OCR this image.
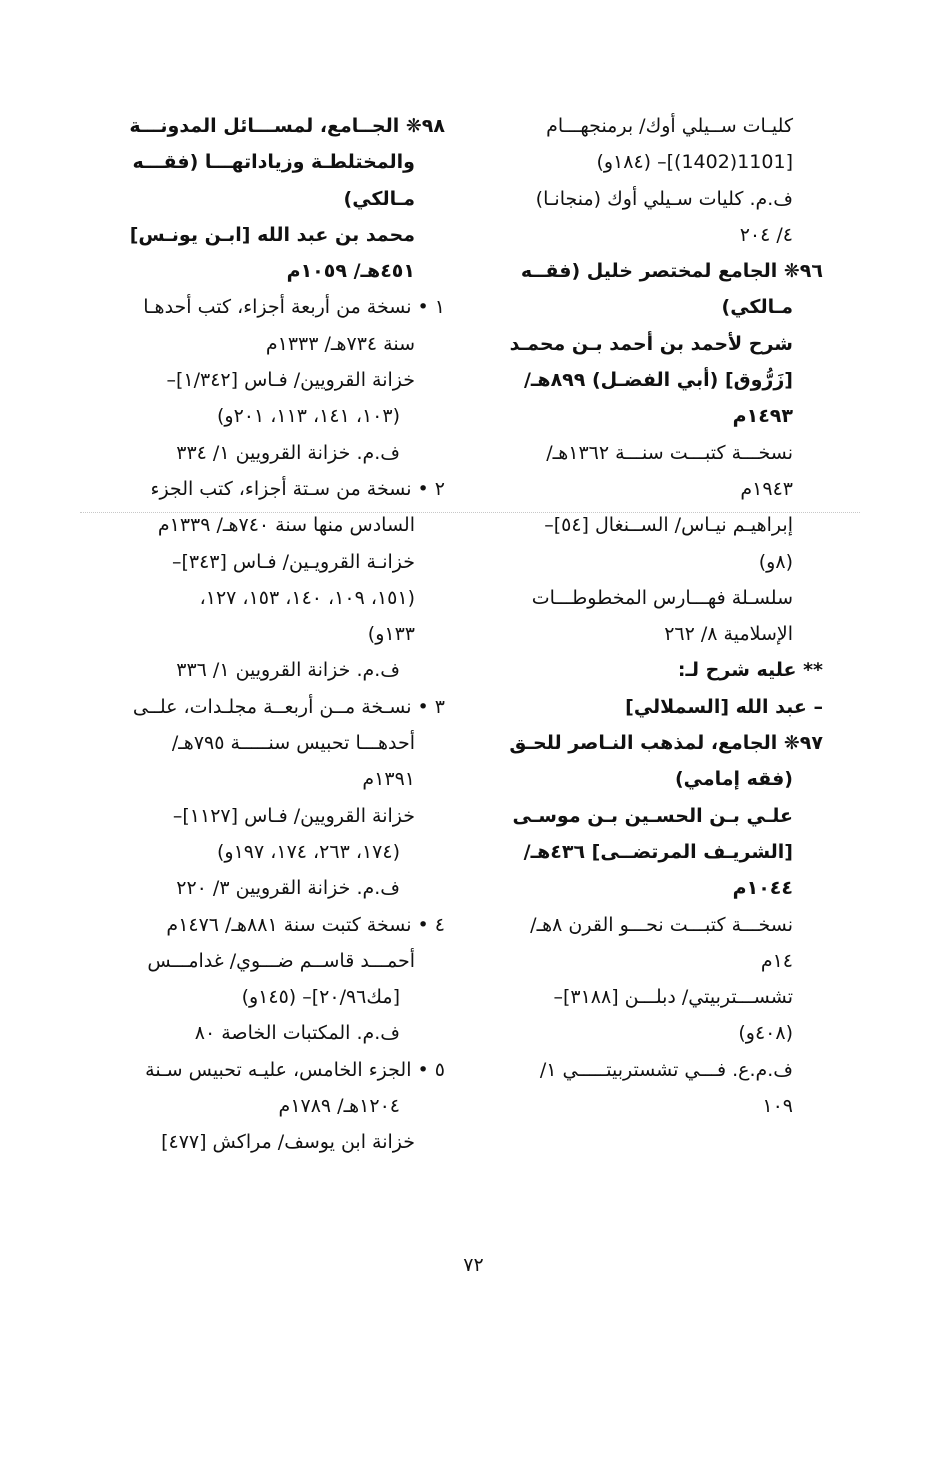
كليـات ســيلي أوك/ برمنجهـــام
[1101(1402)]– (١٨٤و)
ف.م. كليات سـيلي أوك (منجانـا)
٤/ ٢٠٤
٩٦❋ الجامع لمختصر خليل (فقــه
مـالكي)
شرح لأحمد بن أحمد بـن محمـد
[زَرُّوق] (أبي الفضـل) ٨٩٩هـ/
١٤٩٣م
نسخـــة كتبـــت سنـــة ١٣٦٢هـ/
١٩٤٣م
إبراهيـم نيـاس/ الســنغال [٥٤]–
(٨و)
سلسـلة فهـــارس المخطوطـــات
الإسلامية ٨/ ٢٦٢
** عليه شرح لـ:
– عبد الله [السملالي]
٩٧❋ الجامع، لمذهب النـاصر للحـق
(فقه إمامي)
علـي بـن الحسـين بـن موسـى
[الشريـف المرتضــى] ٤٣٦هـ/
١٠٤٤م
نسخـــة كتبـــت نحـــو القرن ٨هـ/
١٤م
تشســـتربيتي/ دبلـــن [٣١٨٨]–
(٤٠٨و)
ف.م.ع. فـــي تشستربيتـــــي ١/
١٠٩
٩٨❋ الجــامع، لمســـائل المدونـــة
والمختلطـة وزياداتهـــا (فقـــه
مـالكي)
محمد بن عبد الله [ابـن يونـس]
٤٥١هـ/ ١٠٥٩م
١ • نسخة من أربعة أجزاء، كتب أحدهـا
سنة ٧٣٤هـ/ ١٣٣٣م
خزانة القرويين/ فـاس [١/٣٤٢]–
(١٠٣، ١٤١، ١١٣، ٢٠١و)
ف.م. خزانة القرويين ١/ ٣٣٤
٢ • نسخة من سـتة أجزاء، كتب الجزء
السادس منها سنة ٧٤٠هـ/ ١٣٣٩م
خزانـة القرويـين/ فـاس [٣٤٣]–
(١٥١، ١٠٩، ١٤٠، ١٥٣، ١٢٧،
١٣٣و)
ف.م. خزانة القرويين ١/ ٣٣٦
٣ • نسـخة مــن أربعــة مجلـدات، علــى
أحدهـــا تحبيس سنـــــة ٧٩٥هـ/
١٣٩١م
خزانة القرويين/ فـاس [١١٢٧]–
(١٧٤، ٢٦٣، ١٧٤، ١٩٧و)
ف.م. خزانة القرويين ٣/ ٢٢٠
٤ • نسخة كتبت سنة ٨٨١هـ/ ١٤٧٦م
أحمـــد قاســم ضـــوي/ غدامـــس
[مك٢٠/٩٦]– (١٤٥و)
ف.م. المكتبات الخاصة ٨٠
٥ • الجزء الخامس، عليـه تحبيس سـنة
١٢٠٤هـ/ ١٧٨٩م
خزانة ابن يوسف/ مراكش [٤٧٧]
٧٢
